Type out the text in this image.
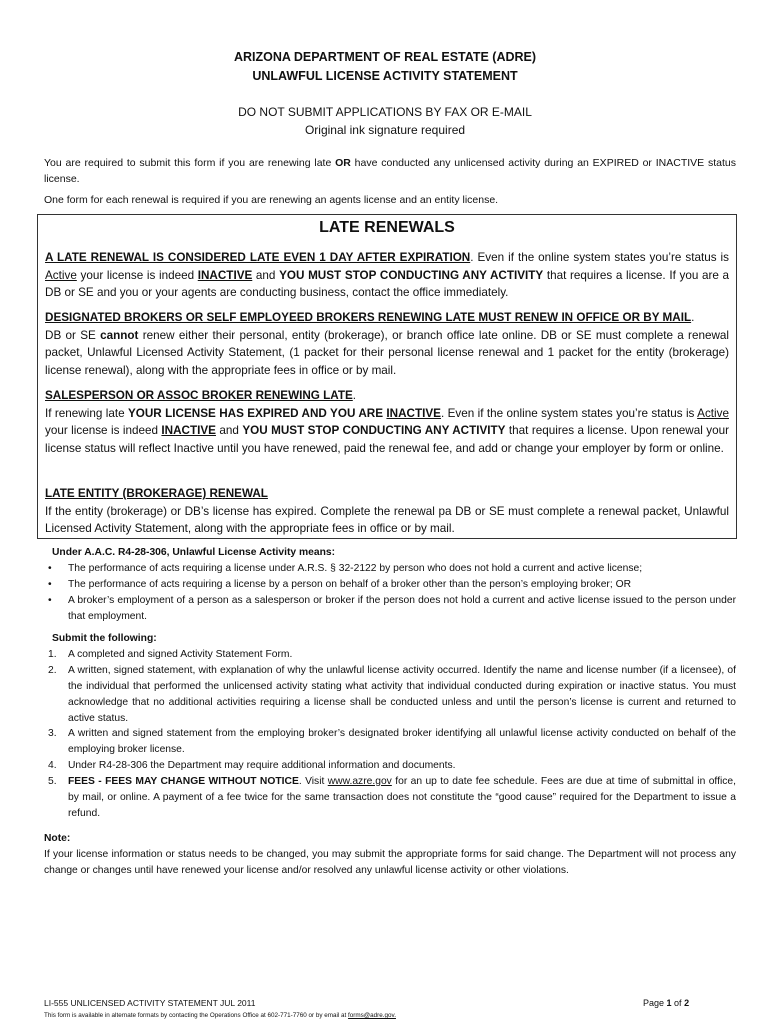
ARIZONA DEPARTMENT OF REAL ESTATE (ADRE)
UNLAWFUL LICENSE ACTIVITY STATEMENT
DO NOT SUBMIT APPLICATIONS BY FAX OR E-MAIL
Original ink signature required
You are required to submit this form if you are renewing late OR have conducted any unlicensed activity during an EXPIRED or INACTIVE status license.
One form for each renewal is required if you are renewing an agents license and an entity license.
LATE RENEWALS
A LATE RENEWAL IS CONSIDERED LATE EVEN 1 DAY AFTER EXPIRATION. Even if the online system states you’re status is Active your license is indeed INACTIVE and YOU MUST STOP CONDUCTING ANY ACTIVITY that requires a license. If you are a DB or SE and you or your agents are conducting business, contact the office immediately.
DESIGNATED BROKERS OR SELF EMPLOYEED BROKERS RENEWING LATE MUST RENEW IN OFFICE OR BY MAIL.
DB or SE cannot renew either their personal, entity (brokerage), or branch office late online. DB or SE must complete a renewal packet, Unlawful Licensed Activity Statement, (1 packet for their personal license renewal and 1 packet for the entity (brokerage) license renewal), along with the appropriate fees in office or by mail.
SALESPERSON OR ASSOC BROKER RENEWING LATE.
If renewing late YOUR LICENSE HAS EXPIRED AND YOU ARE INACTIVE. Even if the online system states you’re status is Active your license is indeed INACTIVE and YOU MUST STOP CONDUCTING ANY ACTIVITY that requires a license. Upon renewal your license status will reflect Inactive until you have renewed, paid the renewal fee, and add or change your employer by form or online.
LATE ENTITY (BROKERAGE) RENEWAL
If the entity (brokerage) or DB’s license has expired. Complete the renewal pa DB or SE must complete a renewal packet, Unlawful Licensed Activity Statement, along with the appropriate fees in office or by mail.
Under A.A.C. R4-28-306, Unlawful License Activity means:
• The performance of acts requiring a license under A.R.S. § 32-2122 by person who does not hold a current and active license;
• The performance of acts requiring a license by a person on behalf of a broker other than the person’s employing broker; OR
• A broker’s employment of a person as a salesperson or broker if the person does not hold a current and active license issued to the person under that employment.
Submit the following:
1. A completed and signed Activity Statement Form.
2. A written, signed statement, with explanation of why the unlawful license activity occurred. Identify the name and license number (if a licensee), of the individual that performed the unlicensed activity stating what activity that individual conducted during expiration or inactive status. You must acknowledge that no additional activities requiring a license shall be conducted unless and until the person’s license is current and returned to active status.
3. A written and signed statement from the employing broker’s designated broker identifying all unlawful license activity conducted on behalf of the employing broker license.
4. Under R4-28-306 the Department may require additional information and documents.
5. FEES - FEES MAY CHANGE WITHOUT NOTICE. Visit www.azre.gov for an up to date fee schedule. Fees are due at time of submittal in office, by mail, or online. A payment of a fee twice for the same transaction does not constitute the “good cause” required for the Department to issue a refund.
Note:
If your license information or status needs to be changed, you may submit the appropriate forms for said change. The Department will not process any change or changes until have renewed your license and/or resolved any unlawful license activity or other violations.
LI-555 UNLICENSED ACTIVITY STATEMENT JUL 2011	Page 1 of 2
This form is available in alternate formats by contacting the Operations Office at 602-771-7760 or by email at forms@adre.gov.
